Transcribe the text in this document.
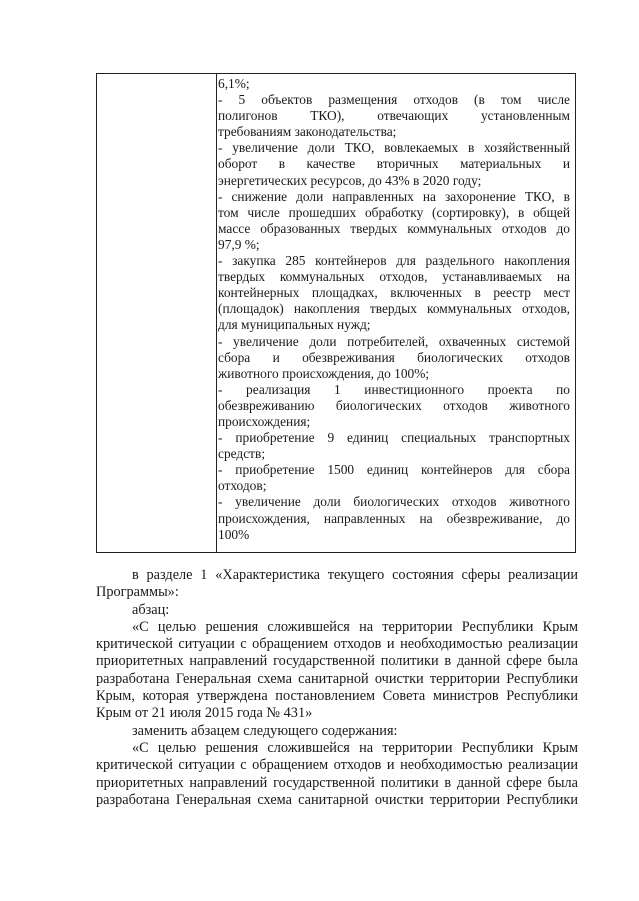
6,1%;
- 5 объектов размещения отходов (в том числе
полигонов ТКО), отвечающих установленным
требованиям законодательства;
- увеличение доли ТКО, вовлекаемых в хозяйственный
оборот в качестве вторичных материальных и
энергетических ресурсов, до 43% в 2020 году;
- снижение доли направленных на захоронение ТКО, в
том числе прошедших обработку (сортировку), в общей
массе образованных твердых коммунальных отходов до
97,9 %;
- закупка 285 контейнеров для раздельного накопления
твердых коммунальных отходов, устанавливаемых на
контейнерных площадках, включенных в реестр мест
(площадок) накопления твердых коммунальных отходов,
для муниципальных нужд;
- увеличение доли потребителей, охваченных системой
сбора и обезвреживания биологических отходов
животного происхождения, до 100%;
- реализация 1 инвестиционного проекта по
обезвреживанию биологических отходов животного
происхождения;
- приобретение 9 единиц специальных транспортных
средств;
- приобретение 1500 единиц контейнеров для сбора
отходов;
- увеличение доли биологических отходов животного
происхождения, направленных на обезвреживание, до
100%
в разделе 1 «Характеристика текущего состояния сферы реализации
Программы»:
абзац:
«С целью решения сложившейся на территории Республики Крым
критической ситуации с обращением отходов и необходимостью реализации
приоритетных направлений государственной политики в данной сфере была
разработана Генеральная схема санитарной очистки территории Республики
Крым, которая утверждена постановлением Совета министров Республики
Крым от 21 июля 2015 года № 431»
заменить абзацем следующего содержания:
«С целью решения сложившейся на территории Республики Крым
критической ситуации с обращением отходов и необходимостью реализации
приоритетных направлений государственной политики в данной сфере была
разработана Генеральная схема санитарной очистки территории Республики
